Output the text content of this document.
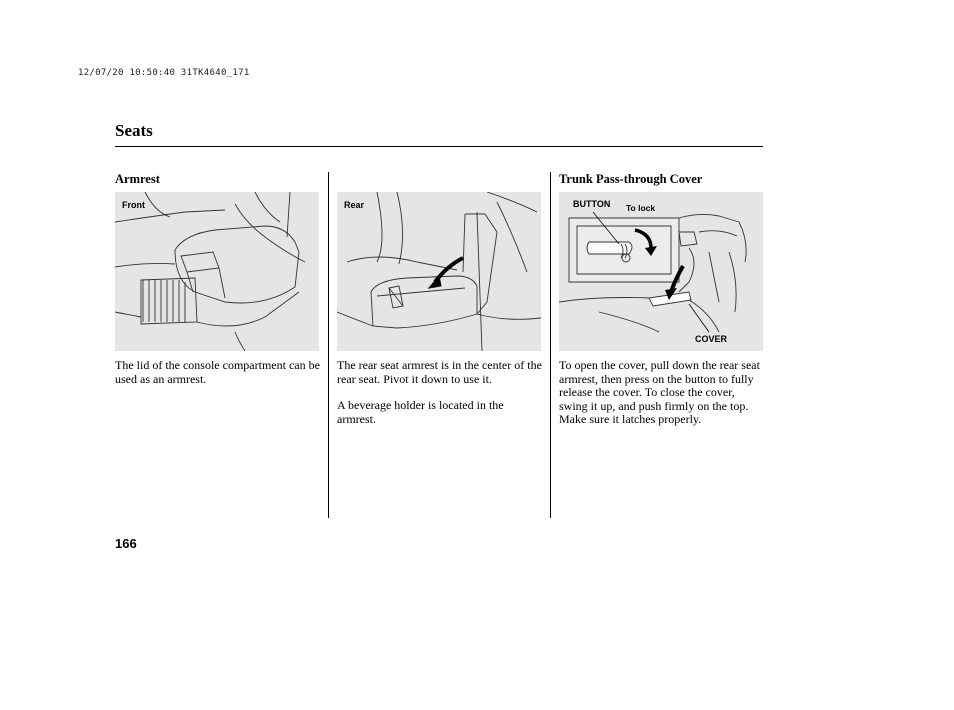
12/07/20 10:50:40 31TK4640_171
Seats
Armrest
Front

The lid of the console compartment can be used as an armrest.

Rear

The rear seat armrest is in the center of the rear seat. Pivot it down to use it.

A beverage holder is located in the armrest.

Trunk Pass-through Cover
BUTTON To lock
COVER

To open the cover, pull down the rear seat armrest, then press on the button to fully release the cover. To close the cover, swing it up, and push firmly on the top. Make sure it latches properly.

166
